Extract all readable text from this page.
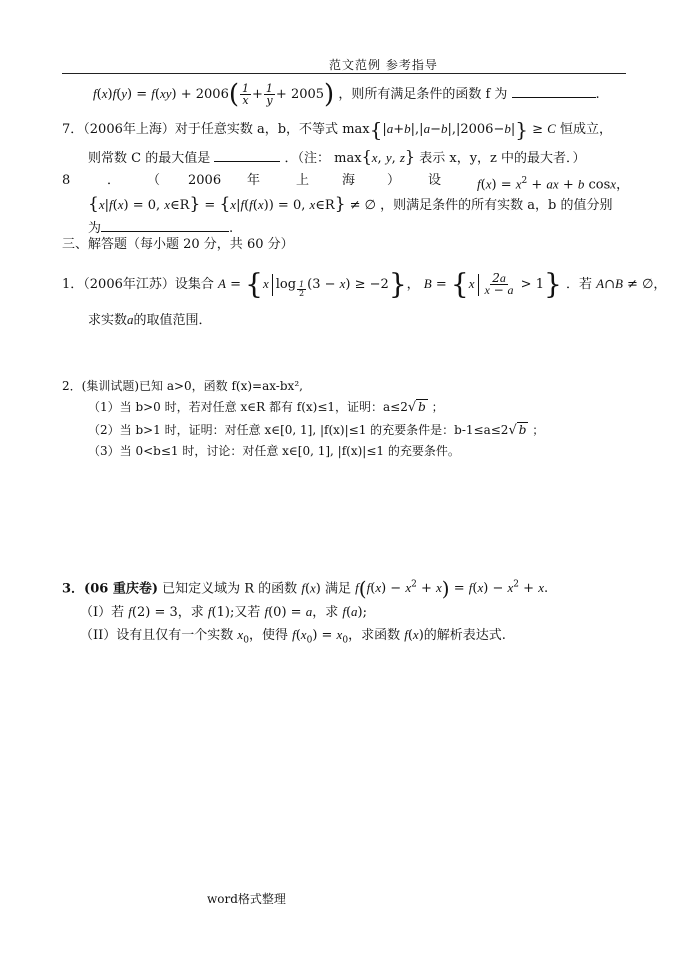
范文范例 参考指导
$f(x)f(y) = f(xy) + 2006( \frac{1}{x} + \frac{1}{y} + 2005)$ ，则所有满足条件的函数 f 为	.
7．（2006年上海）对于任意实数 a，b，不等式 max{|a+b|,|a−b|,|2006−b|} ≥ C 恒成立，
则常数 C 的最大值是	．（注： max{x, y, z} 表示 x，y，z 中的最大者．）
8	． （ 2006 年	上	海 ） 设	$f(x) = x^2$ + ax + b cosx，
{x|f(x) = 0, x∈R} = {x|f(f(x)) = 0, x∈R} ≠ ∅ ，则满足条件的所有实数 a，b 的值分别
为	.
三、解答题（每小题 20 分，共 60 分）
1．（2006年江苏）设集合 A = {x log $_{\frac{1}{2}}$ (3 − x) ≥ −2}， $B = \{x \frac{2a}{x - a} > 1\}$ ．若 A∩B ≠ ∅，
求实数a的取值范围．
2．(集训试题)已知 a>0，函数 f(x)=ax-bx²,
（1）当 b>0 时，若对任意 x∈R 都有 f(x)≤1，证明：a≤2√ b ；
（2）当 b>1 时，证明：对任意 x∈[0, 1], |f(x)|≤1 的充要条件是：b-1≤a≤2√ b ；
（3）当 0<b≤1 时，讨论：对任意 x∈[0, 1], |f(x)|≤1 的充要条件。
3．(06 重庆卷) 已知定义域为 R 的函数 f(x) 满足 $f(f(x) - x^2 + x) = f(x) - x^2 + x$.
（I）若 f(2) = 3，求 f(1);又若 f(0) = a，求 f(a);
（II）设有且仅有一个实数 $x_0$，使得 $f(x_0) = x_0$，求函数 f(x)的解析表达式.
word格式整理
